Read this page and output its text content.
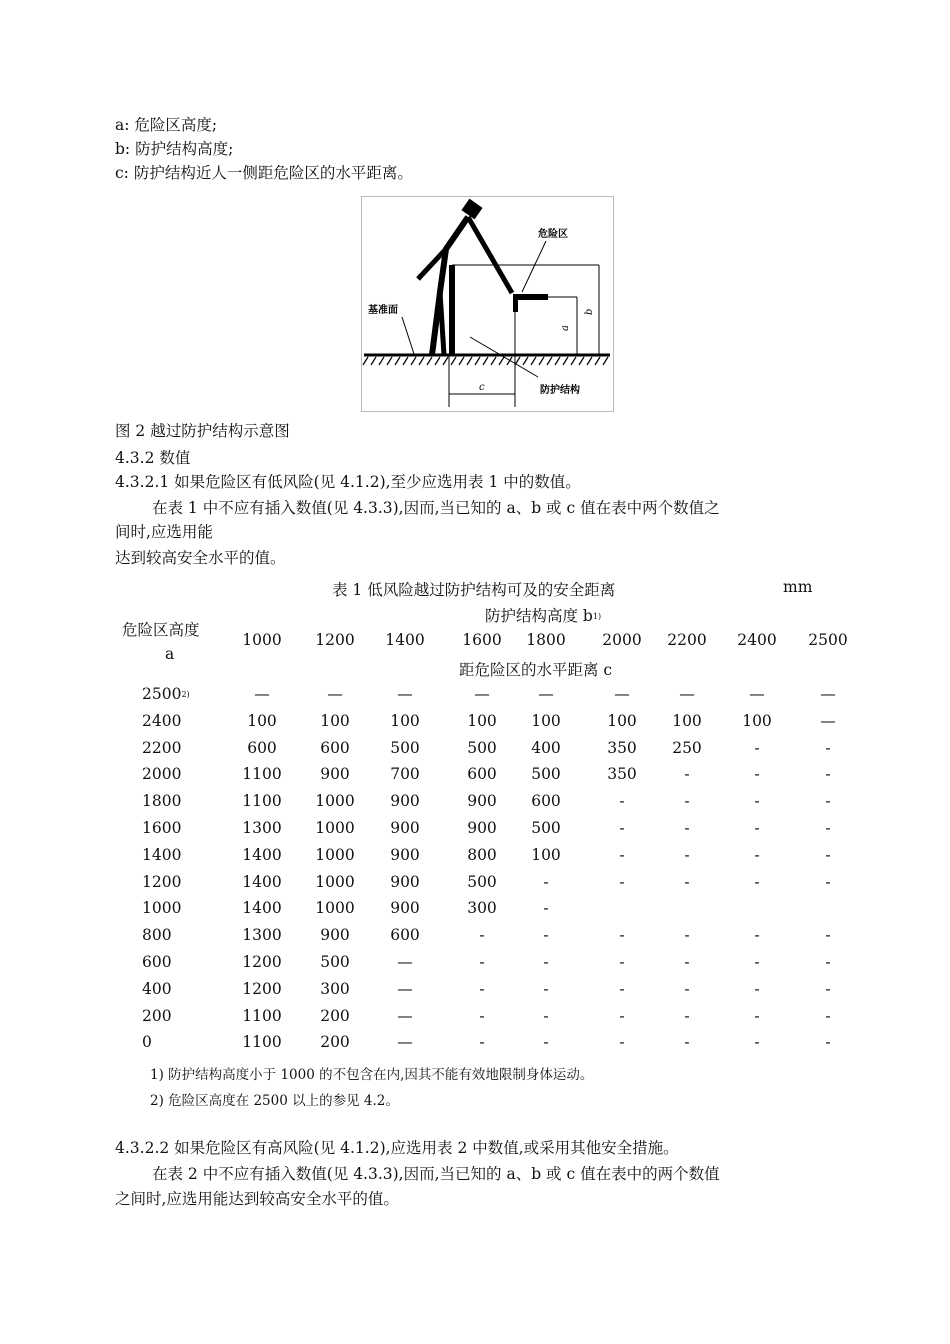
a: 危险区高度;
b: 防护结构高度;
c: 防护结构近人一侧距危险区的水平距离。
危险区
基准面
防护结构
a
b
c
图 2 越过防护结构示意图
4.3.2 数值
4.3.2.1 如果危险区有低风险(见 4.1.2),至少应选用表 1 中的数值。
在表 1 中不应有插入数值(见 4.3.3),因而,当已知的 a、b 或 c 值在表中两个数值之
间时,应选用能
达到较高安全水平的值。
表 1 低风险越过防护结构可及的安全距离	mm
防护结构高度 $b_{1)}$
危险区高度
a
距危险区的水平距离 c
1000	1200	1400	1600	1800	2000	2200	2400	2500
$2500_{2)}$	—	—	—	—	—	—	—	—	—
2400	100	100	100	100	100	100	100	100	—
2200	600	600	500	500	400	350	250	-	-
2000	1100	900	700	600	500	350	-	-	-
1800	1100	1000	900	900	600	-	-	-	-
1600	1300	1000	900	900	500	-	-	-	-
1400	1400	1000	900	800	100	-	-	-	-
1200	1400	1000	900	500	-	-	-	-	-
1000	1400	1000	900	300	-
800	1300	900	600	-	-	-	-	-	-
600	1200	500	—	-	-	-	-	-	-
400	1200	300	—	-	-	-	-	-	-
200	1100	200	—	-	-	-	-	-	-
0	1100	200	—	-	-	-	-	-	-
1) 防护结构高度小于 1000 的不包含在内,因其不能有效地限制身体运动。
2) 危险区高度在 2500 以上的参见 4.2。
4.3.2.2 如果危险区有高风险(见 4.1.2),应选用表 2 中数值,或采用其他安全措施。
在表 2 中不应有插入数值(见 4.3.3),因而,当已知的 a、b 或 c 值在表中的两个数值
之间时,应选用能达到较高安全水平的值。
